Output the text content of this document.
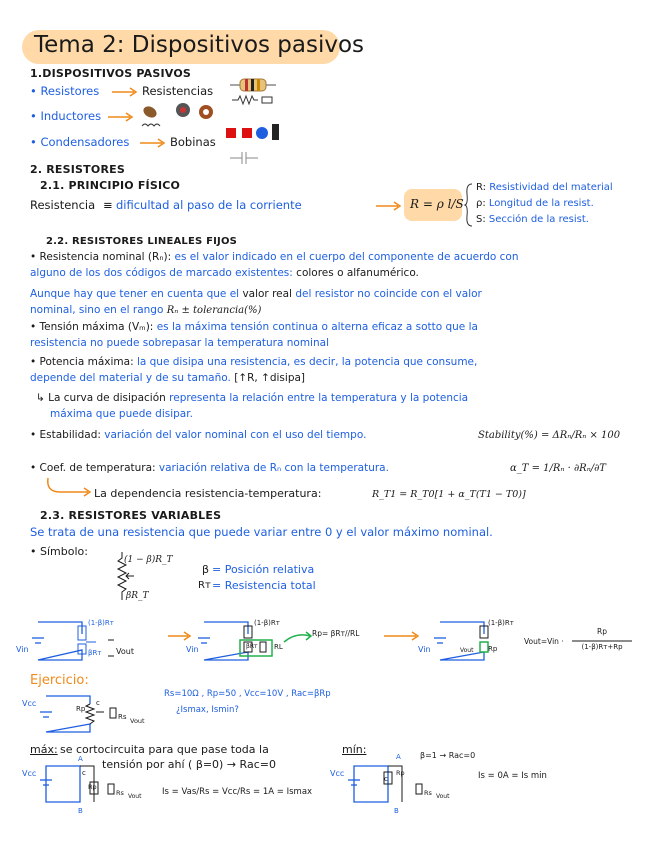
Tema 2: Dispositivos pasivos
1.DISPOSITIVOS PASIVOS
• Resistores	Resistencias
• Inductores
• Condensadores	Bobinas
2. RESISTORES
2.1. PRINCIPIO FÍSICO
Resistencia ≡ dificultad al paso de la corriente	R = ρ l/S
R: Resistividad del material
ρ: Longitud de la resist.
S: Sección de la resist.
2.2. RESISTORES LINEALES FIJOS
• Resistencia nominal (Rₙ): es el valor indicado en el cuerpo del componente de acuerdo con
alguno de los dos códigos de marcado existentes: colores o alfanumérico.
Aunque hay que tener en cuenta que el valor real del resistor no coincide con el valor
nominal, sino en el rango Rₙ ± tolerancia(%)
• Tensión máxima (Vₘ): es la máxima tensión continua o alterna eficaz a sotto que la
resistencia no puede sobrepasar la temperatura nominal
• Potencia máxima: la que disipa una resistencia, es decir, la potencia que consume,
depende del material y de su tamaño. [↑R, ↑disipa]
↳ La curva de disipación representa la relación entre la temperatura y la potencia
máxima que puede disipar.
• Estabilidad: variación del valor nominal con el uso del tiempo.	Stability(%) = ΔRₙ/Rₙ × 100
• Coef. de temperatura: variación relativa de Rₙ con la temperatura.	α_T = 1/Rₙ · ∂Rₙ/∂T
La dependencia resistencia-temperatura:	R_T1 = R_T0[1 + α_T(T1 − T0)]
2.3. RESISTORES VARIABLES
Se trata de una resistencia que puede variar entre 0 y el valor máximo nominal.
• Símbolo:
(1 − β)R_T
βR_T
β = Posición relativa
Rᴛ = Resistencia total
Vin
(1-β)Rᴛ
βRᴛ Vout	Vin
(1-β)Rᴛ
βRᴛ RL
Rp= βRᴛ//RL
Vin
(1-β)Rᴛ
Rp
Vout
Vout=Vin ·
Rp
(1-β)Rᴛ+Rp
Ejercicio:
Vcc
Rp
c
Rs Vout
Rs=10Ω , Rp=50 , Vcc=10V , Rac=βRp
¿Ismax, Ismin?
máx: se cortocircuita para que pase toda la
tensión por ahí ( β=0) → Rac=0
Vcc
A
c
Rp
B
Rs Vout Is = Vas/Rs = Vcc/Rs = 1A = Ismax
mín:
Vcc
A
c
Rp
B
Rs Vout
β=1 → Rac=0
Is = 0A = Is min
